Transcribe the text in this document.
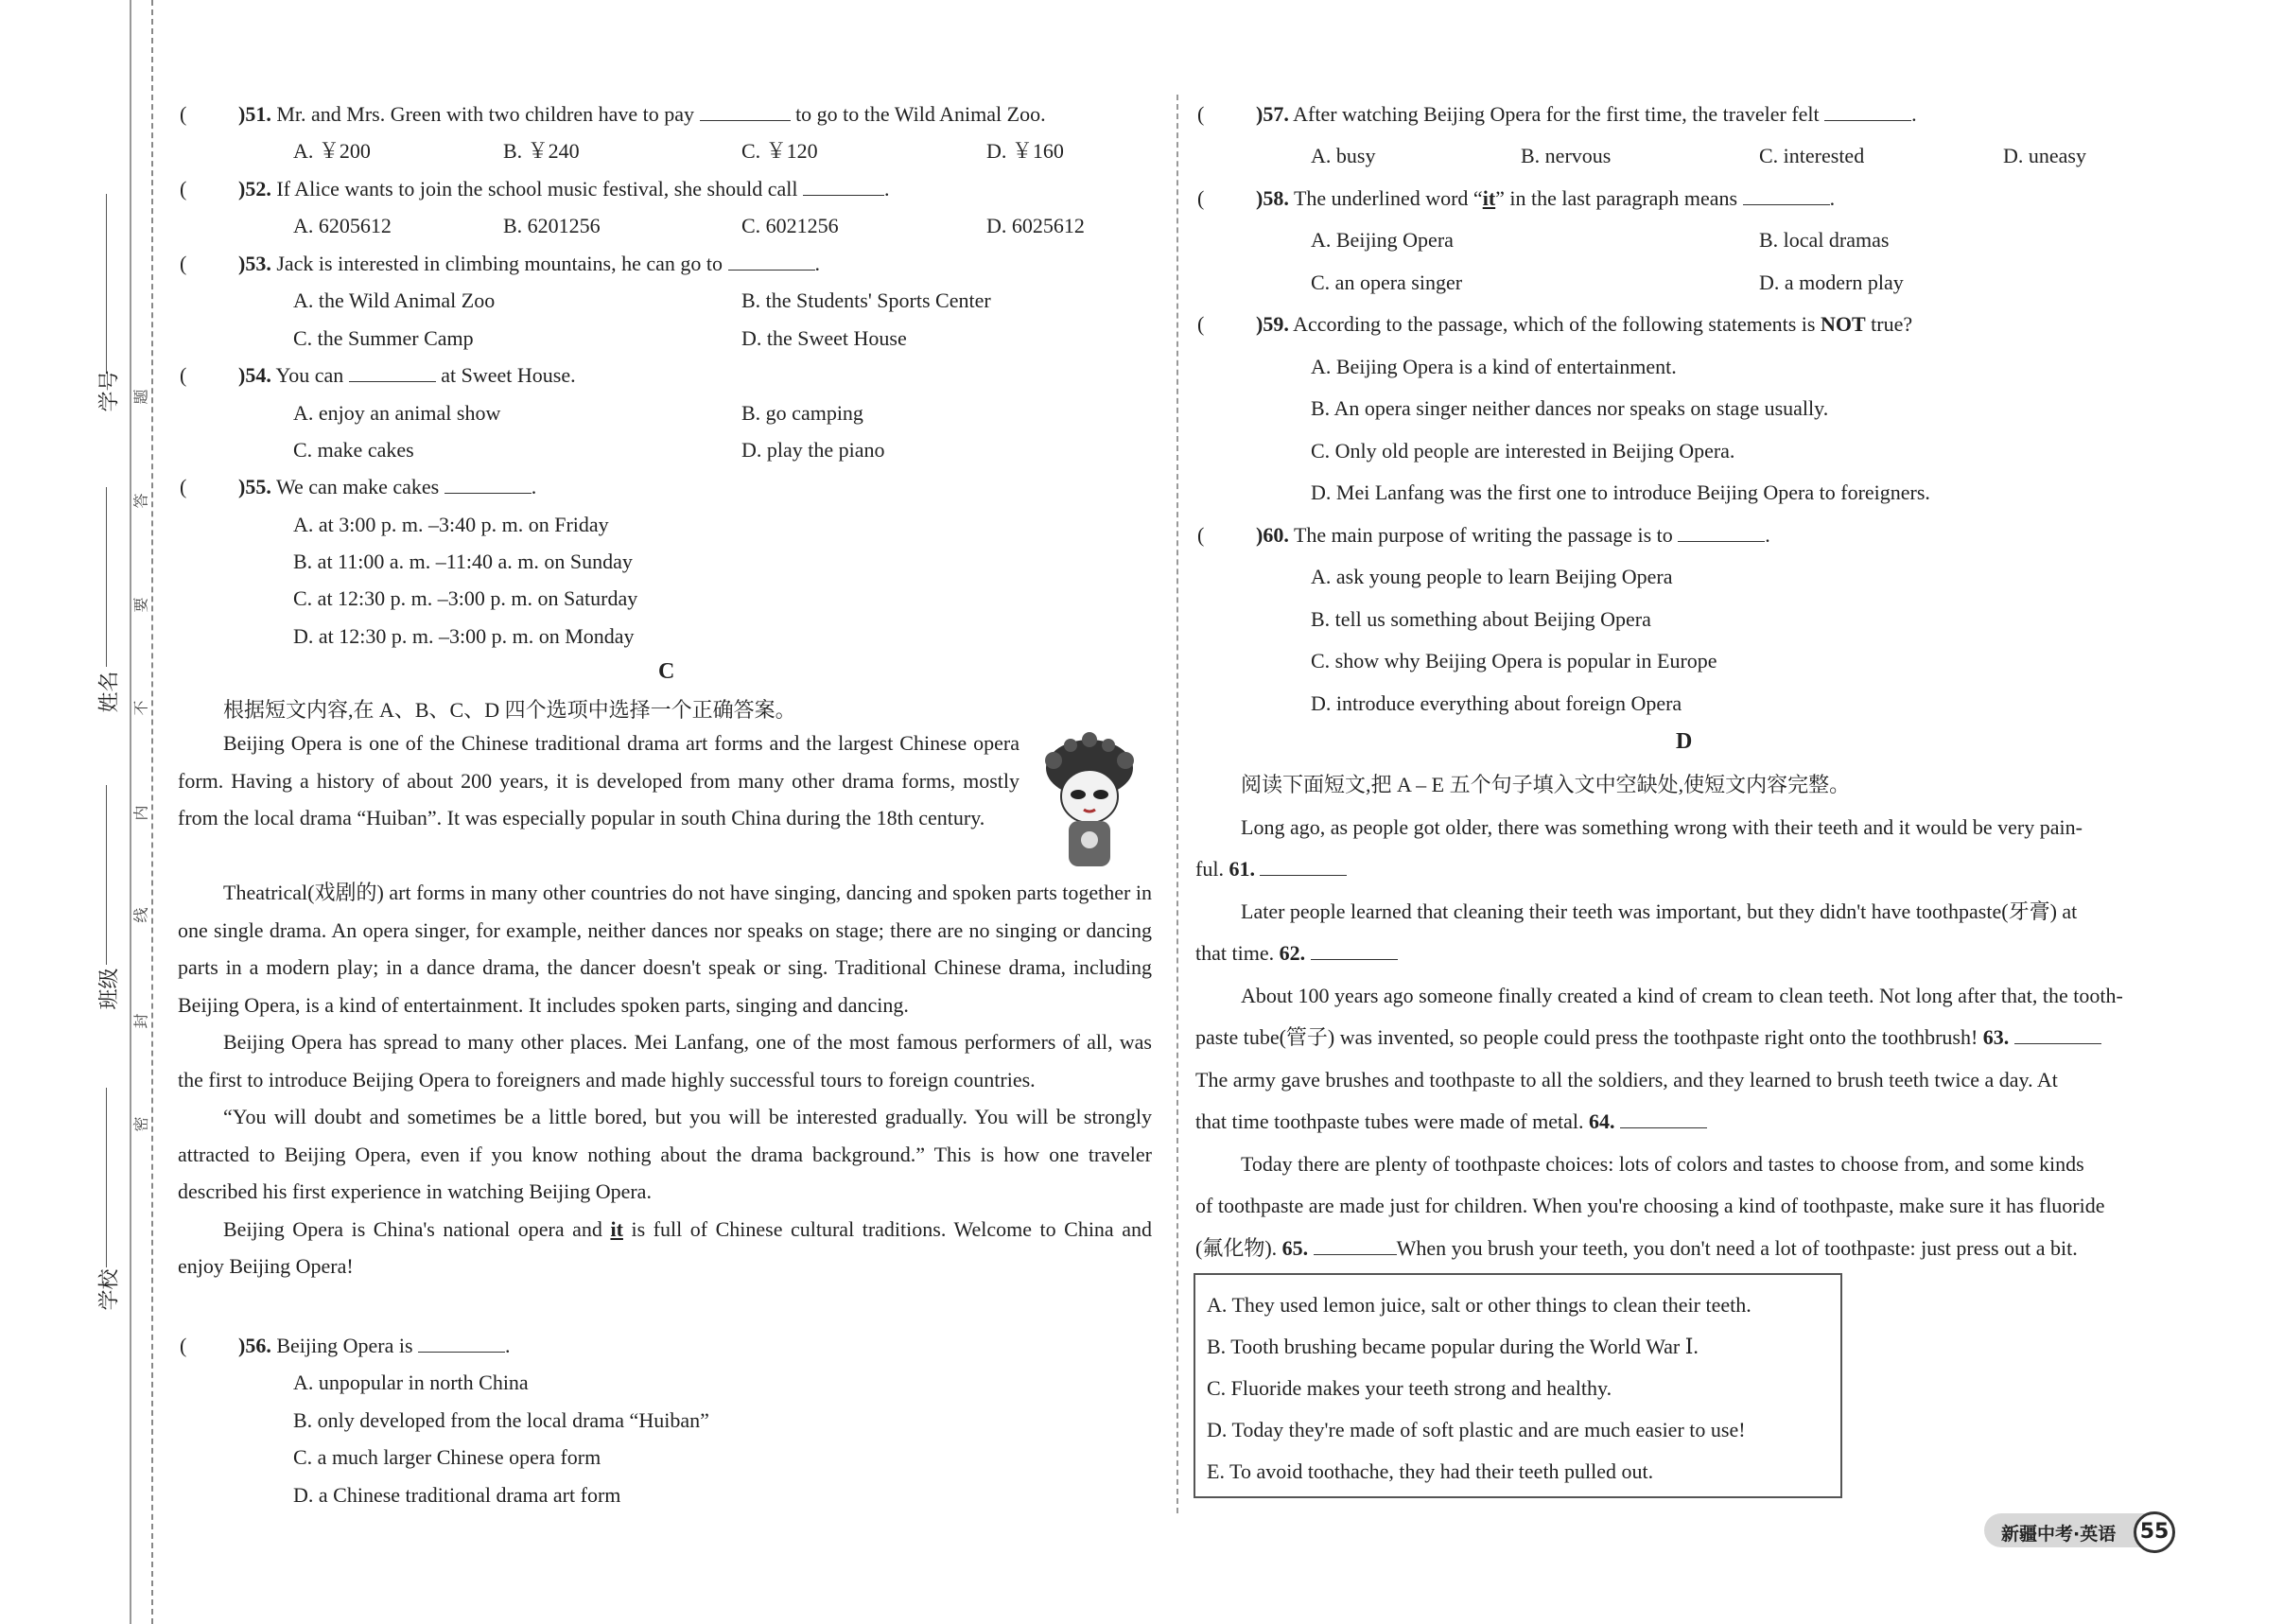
学号
姓名
班级
学校
题
答
要
不
内
线
封
密
( )51. Mr. and Mrs. Green with two children have to pay	to go to the Wild Animal Zoo.
A. ￥200	B. ￥240	C. ￥120	D. ￥160
( )52. If Alice wants to join the school music festival, she should call	.
A. 6205612	B. 6201256	C. 6021256	D. 6025612
( )53. Jack is interested in climbing mountains, he can go to	.
A. the Wild Animal Zoo	B. the Students' Sports Center
C. the Summer Camp	D. the Sweet House
( )54. You can	at Sweet House.
A. enjoy an animal show	B. go camping
C. make cakes	D. play the piano
( )55. We can make cakes	.
A. at 3:00 p. m. –3:40 p. m. on Friday
B. at 11:00 a. m. –11:40 a. m. on Sunday
C. at 12:30 p. m. –3:00 p. m. on Saturday
D. at 12:30 p. m. –3:00 p. m. on Monday
C
根据短文内容,在 A、B、C、D 四个选项中选择一个正确答案。

Beijing Opera is one of the Chinese traditional drama art forms and the largest Chinese opera form. Having a history of about 200 years, it is developed from many other drama forms, mostly from the local drama “Huiban”. It was especially popular in south China during the 18th century.

Theatrical(戏剧的) art forms in many other countries do not have singing, dancing and spoken parts together in one single drama. An opera singer, for example, neither dances nor speaks on stage; there are no singing or dancing parts in a modern play; in a dance drama, the dancer doesn't speak or sing. Traditional Chinese drama, including Beijing Opera, is a kind of entertainment. It includes spoken parts, singing and dancing.

Beijing Opera has spread to many other places. Mei Lanfang, one of the most famous performers of all, was the first to introduce Beijing Opera to foreigners and made highly successful tours to foreign countries.

“You will doubt and sometimes be a little bored, but you will be interested gradually. You will be strongly attracted to Beijing Opera, even if you know nothing about the drama background.” This is how one traveler described his first experience in watching Beijing Opera.

Beijing Opera is China's national opera and it is full of Chinese cultural traditions. Welcome to China and enjoy Beijing Opera!

( )56. Beijing Opera is	.
A. unpopular in north China
B. only developed from the local drama “Huiban”
C. a much larger Chinese opera form
D. a Chinese traditional drama art form
( )57. After watching Beijing Opera for the first time, the traveler felt	.
A. busy	B. nervous	C. interested	D. uneasy
( )58. The underlined word “it” in the last paragraph means	.
A. Beijing Opera	B. local dramas
C. an opera singer	D. a modern play
( )59. According to the passage, which of the following statements is NOT true?
A. Beijing Opera is a kind of entertainment.
B. An opera singer neither dances nor speaks on stage usually.
C. Only old people are interested in Beijing Opera.
D. Mei Lanfang was the first one to introduce Beijing Opera to foreigners.
( )60. The main purpose of writing the passage is to	.
A. ask young people to learn Beijing Opera
B. tell us something about Beijing Opera
C. show why Beijing Opera is popular in Europe
D. introduce everything about foreign Opera
D
阅读下面短文,把 A – E 五个句子填入文中空缺处,使短文内容完整。
Long ago, as people got older, there was something wrong with their teeth and it would be very pain-
ful. 61.
Later people learned that cleaning their teeth was important, but they didn't have toothpaste(牙膏) at
that time. 62.
About 100 years ago someone finally created a kind of cream to clean teeth. Not long after that, the tooth-
paste tube(管子) was invented, so people could press the toothpaste right onto the toothbrush! 63.
The army gave brushes and toothpaste to all the soldiers, and they learned to brush teeth twice a day. At
that time toothpaste tubes were made of metal. 64.
Today there are plenty of toothpaste choices: lots of colors and tastes to choose from, and some kinds
of toothpaste are made just for children. When you're choosing a kind of toothpaste, make sure it has fluoride
(氟化物). 65.	When you brush your teeth, you don't need a lot of toothpaste: just press out a bit.
A. They used lemon juice, salt or other things to clean their teeth.
B. Tooth brushing became popular during the World War Ⅰ.
C. Fluoride makes your teeth strong and healthy.
D. Today they're made of soft plastic and are much easier to use!
E. To avoid toothache, they had their teeth pulled out.
新疆中考·英语	55
